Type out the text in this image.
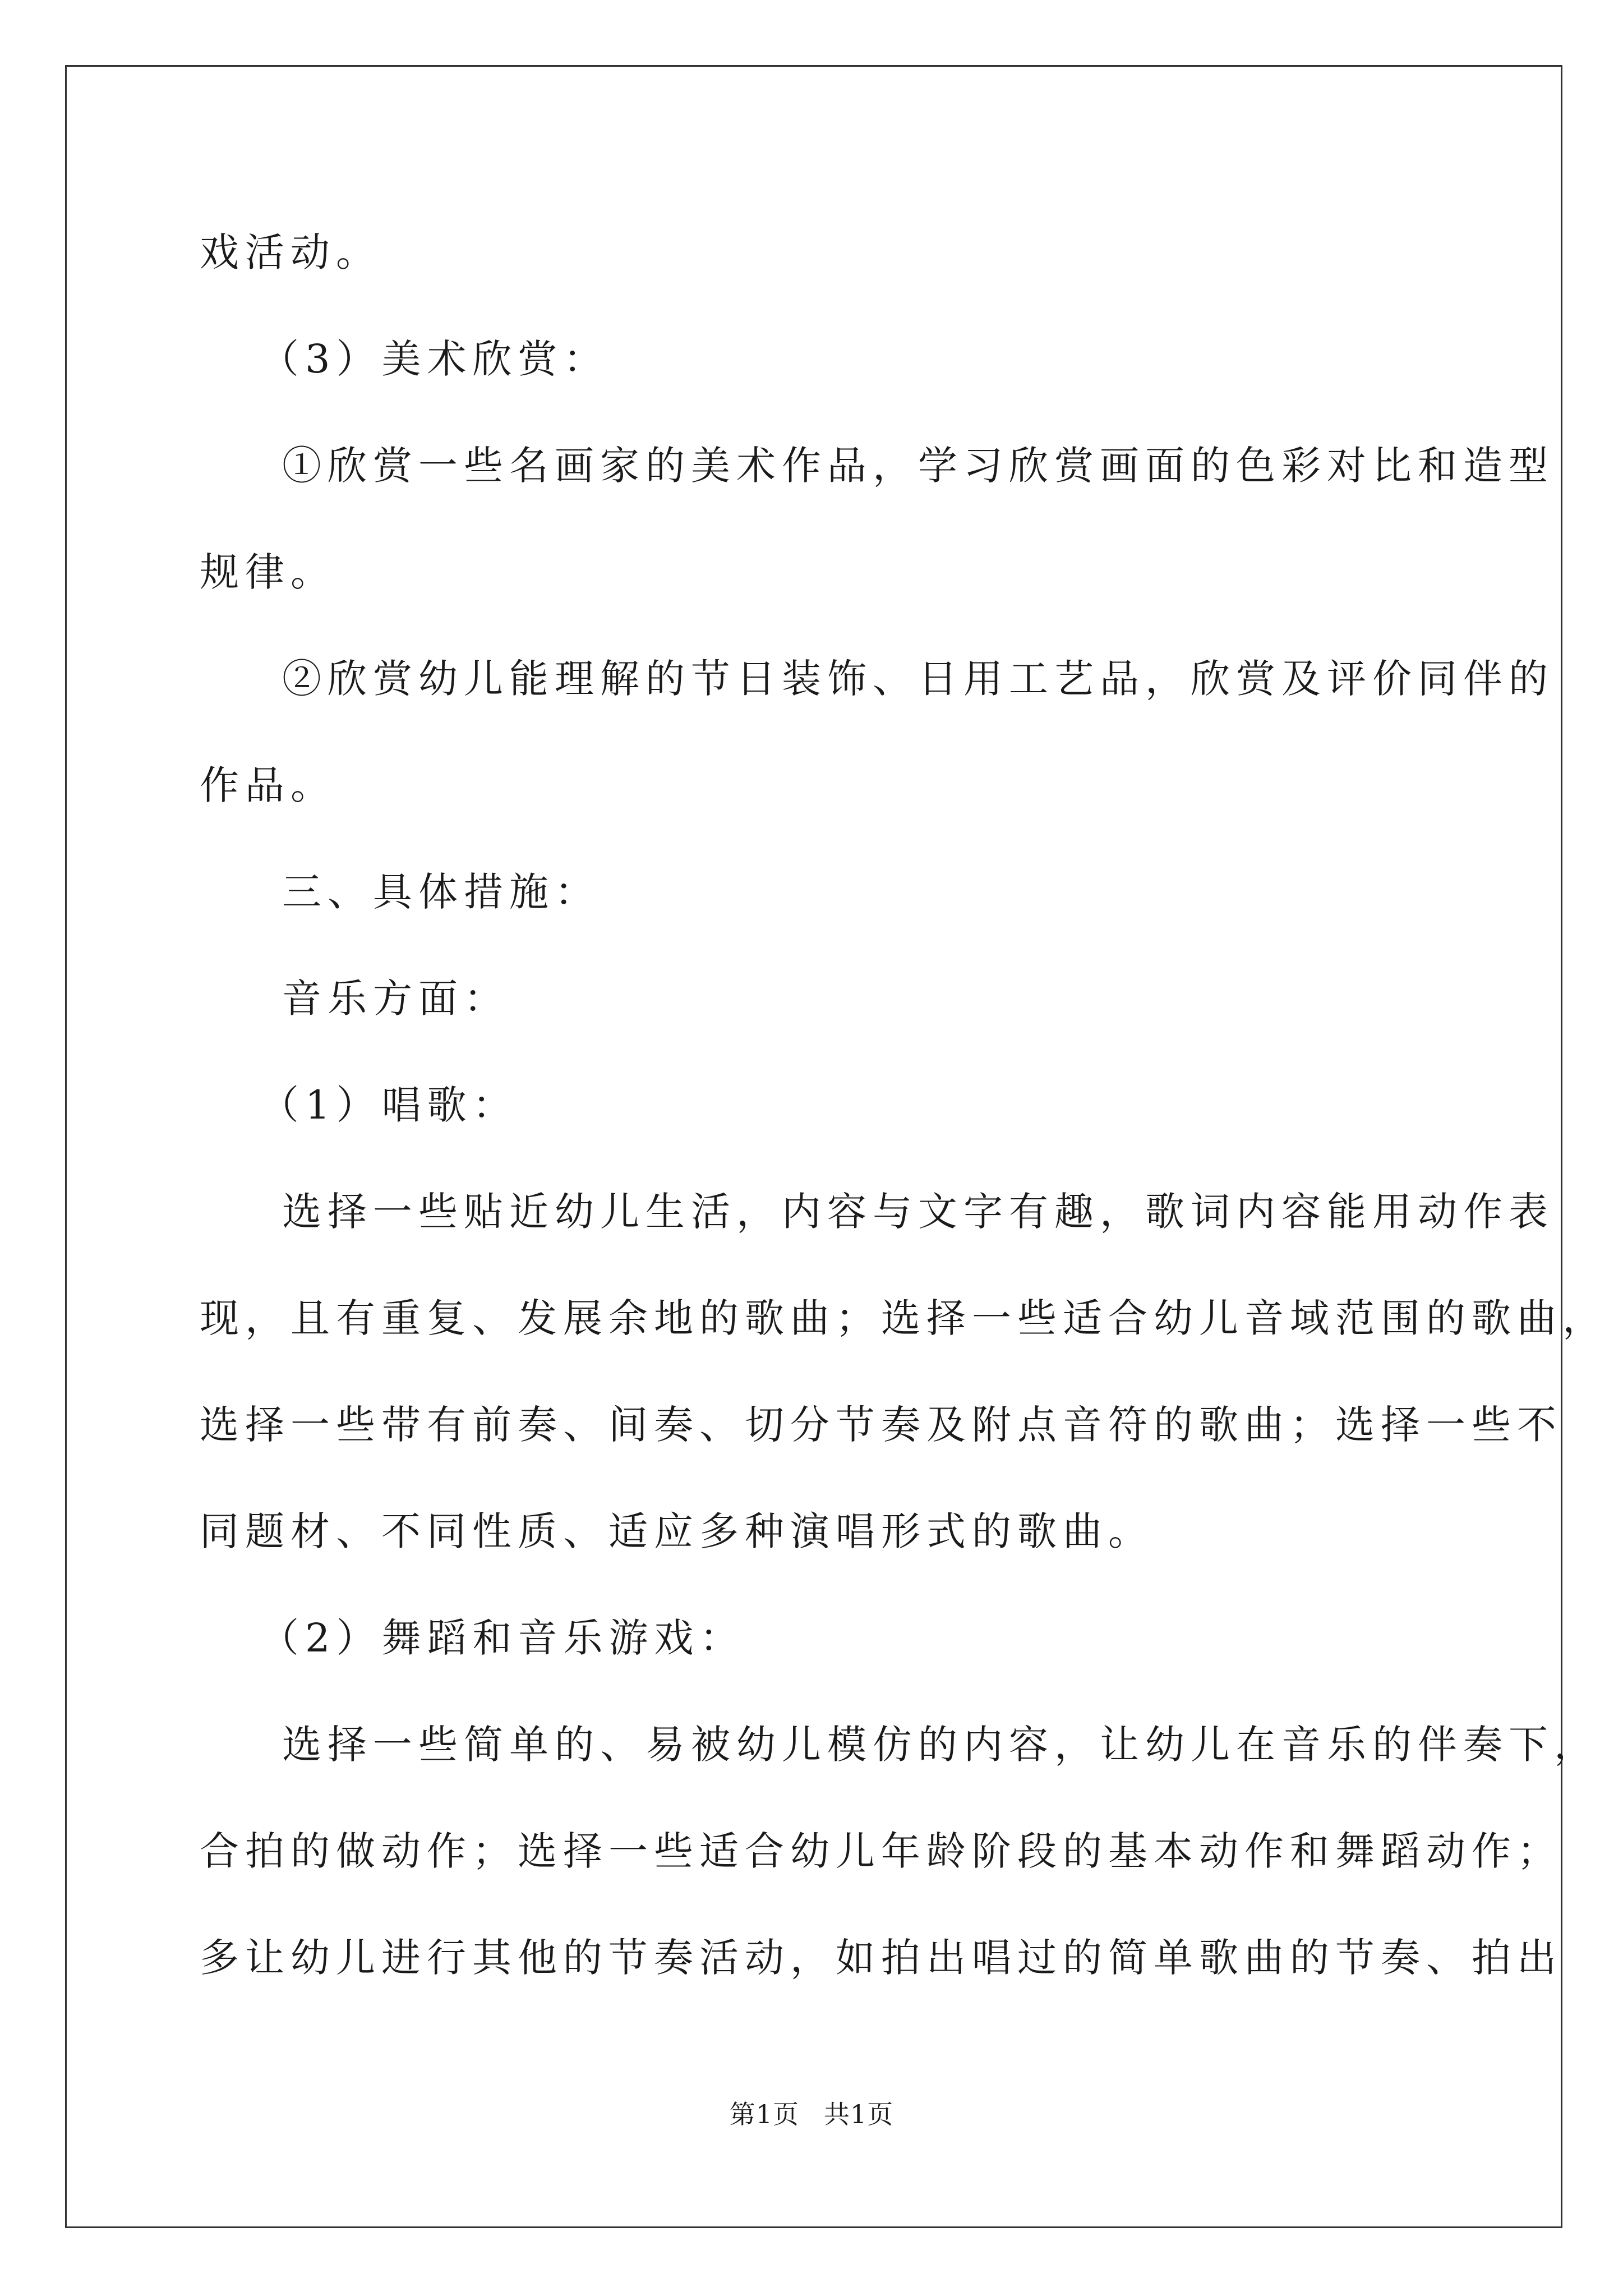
戏活动。

（3）美术欣赏：

①欣赏一些名画家的美术作品，学习欣赏画面的色彩对比和造型
规律。

②欣赏幼儿能理解的节日装饰、日用工艺品，欣赏及评价同伴的
作品。

三、具体措施：

音乐方面：

（1）唱歌：

选择一些贴近幼儿生活，内容与文字有趣，歌词内容能用动作表
现，且有重复、发展余地的歌曲；选择一些适合幼儿音域范围的歌曲，
选择一些带有前奏、间奏、切分节奏及附点音符的歌曲；选择一些不
同题材、不同性质、适应多种演唱形式的歌曲。

（2）舞蹈和音乐游戏：

选择一些简单的、易被幼儿模仿的内容，让幼儿在音乐的伴奏下，
合拍的做动作；选择一些适合幼儿年龄阶段的基本动作和舞蹈动作；
多让幼儿进行其他的节奏活动，如拍出唱过的简单歌曲的节奏、拍出

第1页 共1页
